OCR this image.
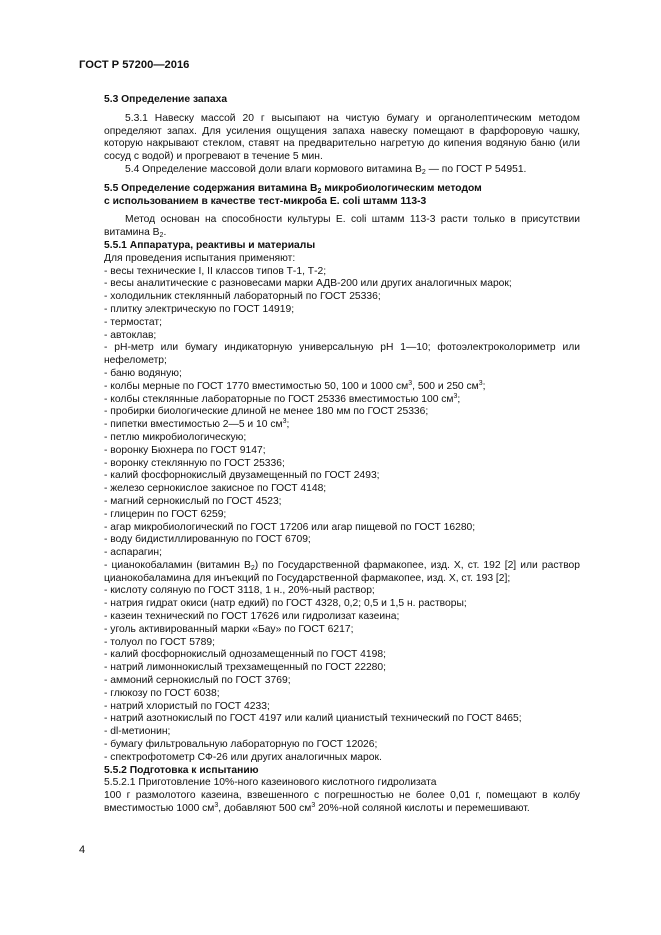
ГОСТ Р 57200—2016

5.3 Определение запаха

5.3.1 Навеску массой 20 г высыпают на чистую бумагу и органолептическим методом определяют запах. Для усиления ощущения запаха навеску помещают в фарфоровую чашку, которую накрывают стеклом, ставят на предварительно нагретую до кипения водяную баню (или сосуд с водой) и прогревают в течение 5 мин.

5.4 Определение массовой доли влаги кормового витамина $В_2$ — по ГОСТ Р 54951.

5.5 Определение содержания витамина $В_2$ микробиологическим методом
с использованием в качестве тест-микроба E. coli штамм 113-3

Метод основан на способности культуры E. coli штамм 113-3 расти только в присутствии витамина $В_2$.

5.5.1 Аппаратура, реактивы и материалы

Для проведения испытания применяют:

- весы технические I, II классов типов Т-1, Т-2;

- весы аналитические с разновесами марки АДВ-200 или других аналогичных марок;

- холодильник стеклянный лабораторный по ГОСТ 25336;

- плитку электрическую по ГОСТ 14919;

- термостат;

- автоклав;

- рН-метр или бумагу индикаторную универсальную рН 1—10; фотоэлектроколориметр или нефелометр;

- баню водяную;

- колбы мерные по ГОСТ 1770 вместимостью 50, 100 и 1000 $см^3$, 500 и 250 $см^3$;

- колбы стеклянные лабораторные по ГОСТ 25336 вместимостью 100 $см^3$;

- пробирки биологические длиной не менее 180 мм по ГОСТ 25336;

- пипетки вместимостью 2—5 и 10 $см^3$;

- петлю микробиологическую;

- воронку Бюхнера по ГОСТ 9147;

- воронку стеклянную по ГОСТ 25336;

- калий фосфорнокислый двузамещенный по ГОСТ 2493;

- железо сернокислое закисное по ГОСТ 4148;

- магний сернокислый по ГОСТ 4523;

- глицерин по ГОСТ 6259;

- агар микробиологический по ГОСТ 17206 или агар пищевой по ГОСТ 16280;

- воду бидистиллированную по ГОСТ 6709;

- аспарагин;

- цианокобаламин (витамин $В_2$) по Государственной фармакопее, изд. X, ст. 192 [2] или раствор цианокобаламина для инъекций по Государственной фармакопее, изд. X, ст. 193 [2];

- кислоту соляную по ГОСТ 3118, 1 н., 20%-ный раствор;

- натрия гидрат окиси (натр едкий) по ГОСТ 4328, 0,2; 0,5 и 1,5 н. растворы;

- казеин технический по ГОСТ 17626 или гидролизат казеина;

- уголь активированный марки «Бау» по ГОСТ 6217;

- толуол по ГОСТ 5789;

- калий фосфорнокислый однозамещенный по ГОСТ 4198;

- натрий лимоннокислый трехзамещенный по ГОСТ 22280;

- аммоний сернокислый по ГОСТ 3769;

- глюкозу по ГОСТ 6038;

- натрий хлористый по ГОСТ 4233;

- натрий азотнокислый по ГОСТ 4197 или калий цианистый технический по ГОСТ 8465;

- dl-метионин;

- бумагу фильтровальную лабораторную по ГОСТ 12026;

- спектрофотометр СФ-26 или других аналогичных марок.

5.5.2 Подготовка к испытанию

5.5.2.1 Приготовление 10%-ного казеинового кислотного гидролизата

100 г размолотого казеина, взвешенного с погрешностью не более 0,01 г, помещают в колбу вместимостью 1000 $см^3$, добавляют 500 $см^3$ 20%-ной соляной кислоты и перемешивают.

4
